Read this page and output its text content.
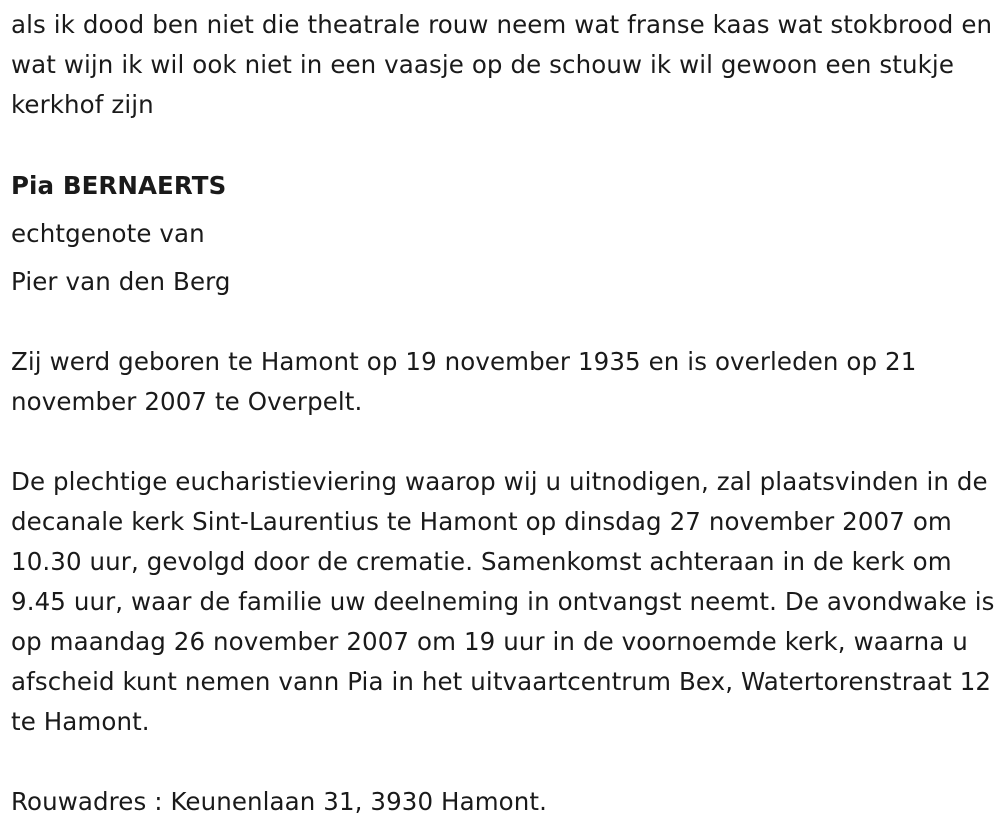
als ik dood ben niet die theatrale rouw neem wat franse kaas wat stokbrood en wat wijn ik wil ook niet in een vaasje op de schouw ik wil gewoon een stukje kerkhof zijn

Pia BERNAERTS
echtgenote van
Pier van den Berg

Zij werd geboren te Hamont op 19 november 1935 en is overleden op 21 november 2007 te Overpelt.

De plechtige eucharistieviering waarop wij u uitnodigen, zal plaatsvinden in de decanale kerk Sint-Laurentius te Hamont op dinsdag 27 november 2007 om 10.30 uur, gevolgd door de crematie. Samenkomst achteraan in de kerk om 9.45 uur, waar de familie uw deelneming in ontvangst neemt. De avondwake is op maandag 26 november 2007 om 19 uur in de voornoemde kerk, waarna u afscheid kunt nemen vann Pia in het uitvaartcentrum Bex, Watertorenstraat 12 te Hamont.

Rouwadres : Keunenlaan 31, 3930 Hamont.
